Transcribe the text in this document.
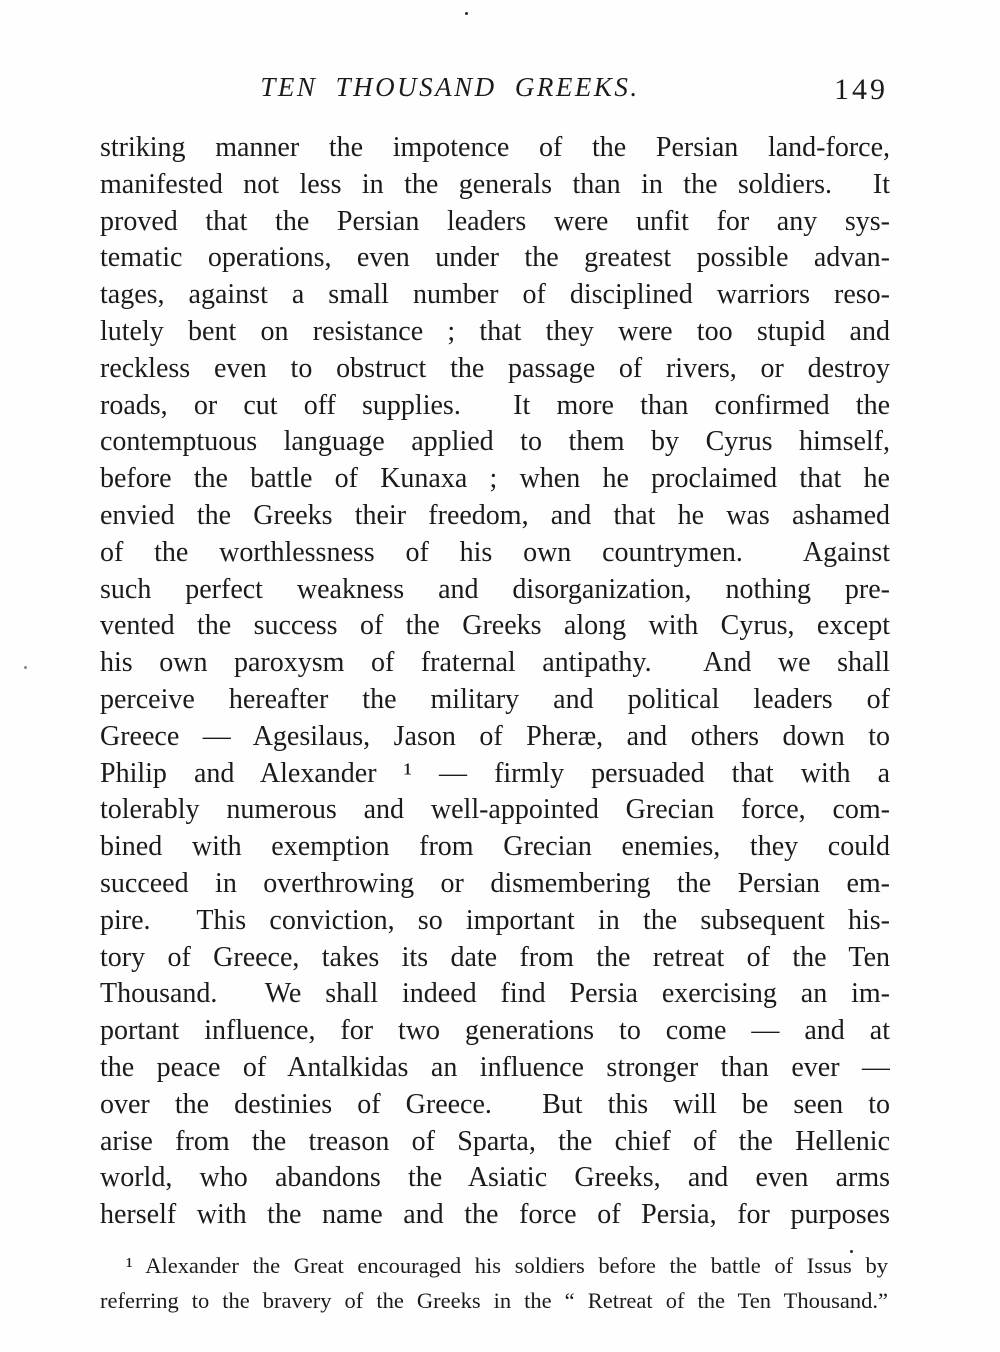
TEN THOUSAND GREEKS.	149
striking manner the impotence of the Persian land-force,
manifested not less in the generals than in the soldiers.  It
proved that the Persian leaders were unfit for any sys-
tematic operations, even under the greatest possible advan-
tages, against a small number of disciplined warriors reso-
lutely bent on resistance ; that they were too stupid and
reckless even to obstruct the passage of rivers, or destroy
roads, or cut off supplies.  It more than confirmed the
contemptuous language applied to them by Cyrus himself,
before the battle of Kunaxa ; when he proclaimed that he
envied the Greeks their freedom, and that he was ashamed
of the worthlessness of his own countrymen.  Against
such perfect weakness and disorganization, nothing pre-
vented the success of the Greeks along with Cyrus, except
his own paroxysm of fraternal antipathy.  And we shall
perceive hereafter the military and political leaders of
Greece — Agesilaus, Jason of Pheræ, and others down to
Philip and Alexander ¹ — firmly persuaded that with a
tolerably numerous and well-appointed Grecian force, com-
bined with exemption from Grecian enemies, they could
succeed in overthrowing or dismembering the Persian em-
pire.  This conviction, so important in the subsequent his-
tory of Greece, takes its date from the retreat of the Ten
Thousand.  We shall indeed find Persia exercising an im-
portant influence, for two generations to come — and at
the peace of Antalkidas an influence stronger than ever —
over the destinies of Greece.  But this will be seen to
arise from the treason of Sparta, the chief of the Hellenic
world, who abandons the Asiatic Greeks, and even arms
herself with the name and the force of Persia, for purposes
¹ Alexander the Great encouraged his soldiers before the battle of Issus by
referring to the bravery of the Greeks in the “ Retreat of the Ten Thousand.”
